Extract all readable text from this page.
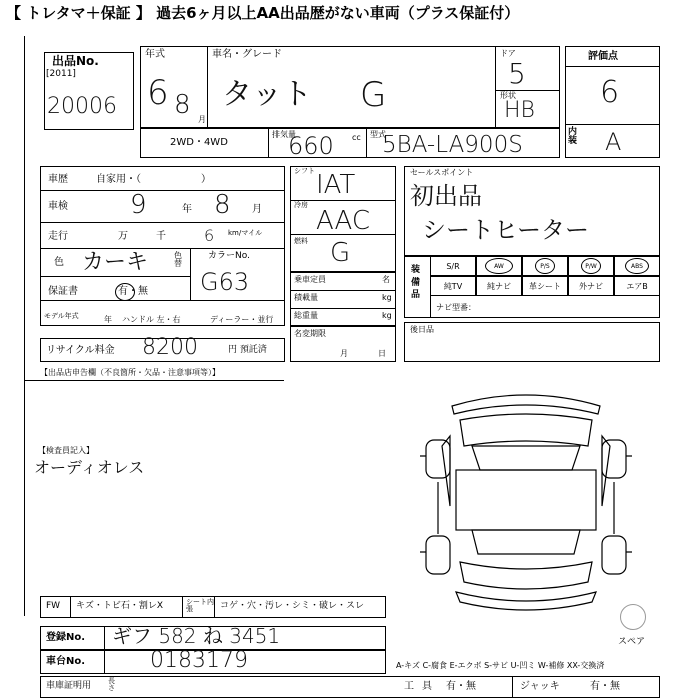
【 トレタマ＋保証 】 過去6ヶ月以上AA出品歴がない車両（プラス保証付）
出品No.
[2011]
20006
年式
6 8 月
車名・グレード
タット G
ドア
5
形状
HB
評価点
6
内装 A
2WD・4WD
排気量
660 cc 型式
5BA-LA900S
車歴	自家用・（　　　　　　）
車検 9	年 8 月
走行	万	千 6 km/マイル
色 カーキ	色替
カラーNo.
G63
保証書	有・無
モデル年式	年 ハンドル 左・右	ディーラー・並行
リサイクル料金 8200	円 預託済
シフト IAT
冷房
AAC
燃料 G
乗車定員	名
積載量	kg
総重量	kg
名変期限
月日
セールスポイント
初出品
シートヒーター
装備品
S/R	AW	P/S	P/W	ABS
純TV	純ナビ	革シート	外ナビ	エアB
ナビ型番：
後日品
【出品店申告欄（不良箇所・欠品・注意事項等）】
【検査員記入】
オーディオレス
スペア
FW キズ・トビ石・割レX	シート内張	コゲ・穴・汚レ・シミ・破レ・スレ
登録No. ギフ 582 ね 3451
車台No.	0183179	A-キズ C-腐食 E-エクボ S-サビ U-凹ミ W-補修 XX-交換済
車庫証明用 長さ	工具 有・無	ジャッキ	有・無
